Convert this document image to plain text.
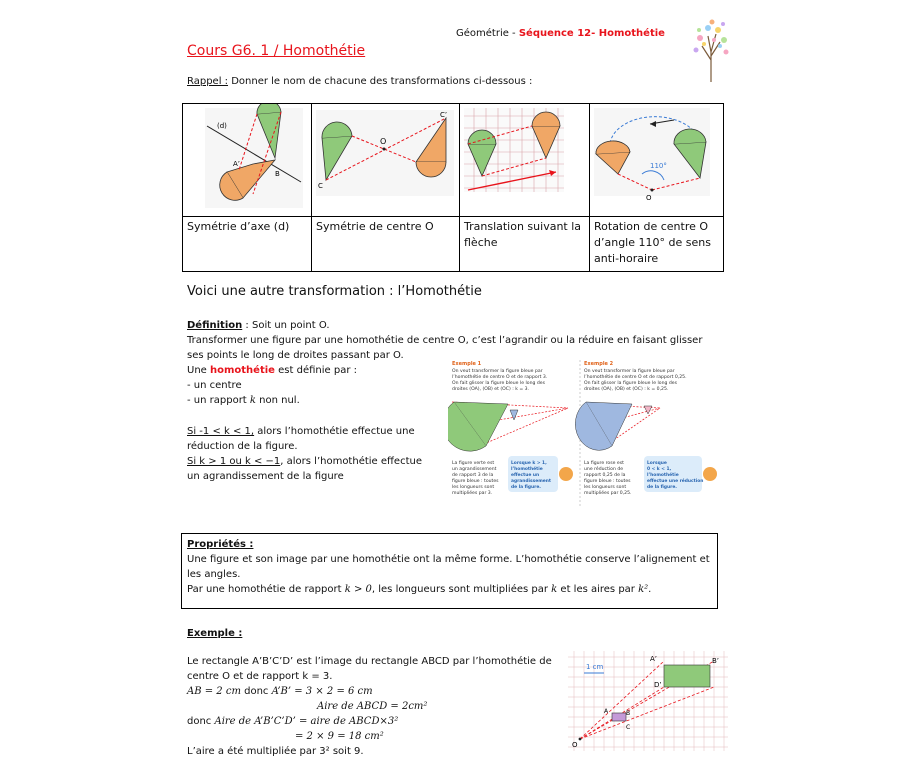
Géométrie - Séquence 12- Homothétie
Cours G6. 1 / Homothétie
Rappel : Donner le nom de chacune des transformations ci-dessous :
(d)
A’
B	O
C’
C		110°
O

Symétrie d’axe (d)	Symétrie de centre O	Translation suivant la flèche	Rotation de centre O d’angle 110° de sens anti-horaire
Voici une autre transformation : l’Homothétie
Définition : Soit un point O.
Transformer une figure par une homothétie de centre O, c’est l’agrandir ou la réduire en faisant glisser ses points le long de droites passant par O.
Une homothétie est définie par :
- un centre
- un rapport k non nul.
Si -1 < k < 1, alors l’homothétie effectue une réduction de la figure.
Si k > 1 ou k < −1, alors l’homothétie effectue un agrandissement de la figure
Exemple 1
On veut transformer la figure bleue par
l’homothétie de centre O et de rapport 3.
On fait glisser la figure bleue le long des
droites (OA), (OB) et (OC) : k = 3.
La figure verte est
un agrandissement
de rapport 3 de la
figure bleue : toutes
les longueurs sont
multipliées par 3.
Lorsque k > 1,
l’homothétie
effectue un
agrandissement
de la figure.
Exemple 2
On veut transformer la figure bleue par
l’homothétie de centre O et de rapport 0,25.
On fait glisser la figure bleue le long des
droites (OA), (OB) et (OC) : k = 0,25.
La figure rose est
une réduction de
rapport 0,25 de la
figure bleue : toutes
les longueurs sont
multipliées par 0,25.
Lorsque
0 < k < 1,
l’homothétie
effectue une réduction
de la figure.
Propriétés :
Une figure et son image par une homothétie ont la même forme. L’homothétie conserve l’alignement et les angles.
Par une homothétie de rapport k > 0, les longueurs sont multipliées par k et les aires par k².
Exemple :
Le rectangle A’B’C’D’ est l’image du rectangle ABCD par l’homothétie de centre O et de rapport k = 3.
AB = 2 cm donc A’B’ = 3 × 2 = 6 cm
Aire de ABCD = 2cm²
donc Aire de A’B’C’D’ = aire de ABCD×3²
= 2 × 9 = 18 cm²
L’aire a été multipliée par 3² soit 9.
1 cm
A’	B’
D’
A	B
C
O
